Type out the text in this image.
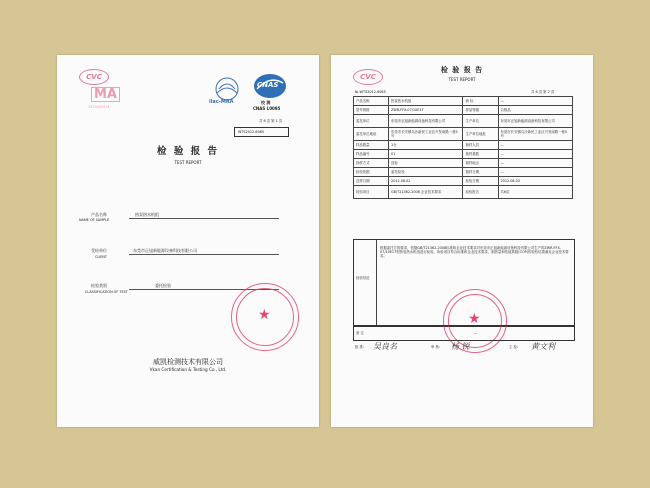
CVC
MA
2019002914
ilac-MRA
CNAS
校 测
CNAS L0095
共 6 页 第 1 页
WTS2012-6065
检 验 报 告
TEST REPORT
产品名称
NAME OF SAMPLE
热泵热水机组
受检单位
CLIENT
东莞市正旭新能源设备科技有限公司
检验类别
CLASSIFICATION OF TEST
委托检验
★
威凯检测技术有限公司
Vkan Certification & Testing Co., Ltd.
CVC
检 验 报 告
TEST REPORT
№:WTS2012-6065	共 6 页 第 2 页
产品名称	热泵热水机组	商 标	—
型号规格	ZWR-FFX-07/10E17	样品等级	合格品
委托单位	东莞市正旭新能源设备科技有限公司	生产单位	东莞市正旭新能源设备科技有限公司
委托单位地址	东莞市长安镇乌沙新民工业区兴发南路一巷5号	生产单位地址	东莞市长安镇乌沙新民工业区兴发南路一巷5号
样品数量	1台	抽样人员	—
样品编号	01	抽样基数	—
抽样方式	送检	抽样地点	—
检验依据	委托检验	抽样日期	—
送样日期	2012.08.02	检验日期	2012.08.03
检验项目	GB/T21362-2008 企业技术要求	检验报告	共6页
检验结论
根据委托方的要求，依据GB/T21362-2008标准和企业技术要求对东莞市正旭新能源设备科技有限公司生产的ZWR-FFX-07/10E17型热泵热水机组进行检验，所检项目符合标准和企业技术要求，制热量和性能系数(COP)的检验结果满足企业技术要求。
★
备 注	—
批 准: 吴良名	审 核: 杨 锐	主 检: 黄文利
